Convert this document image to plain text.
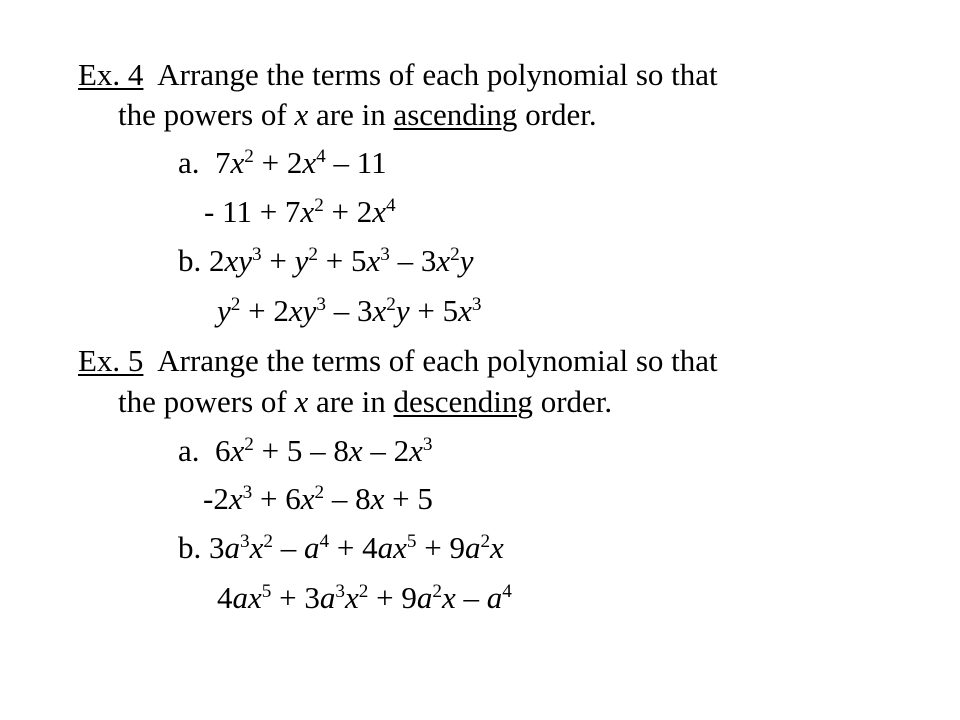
Ex. 4 Arrange the terms of each polynomial so that
the powers of x are in ascending order.
a.  $7x^2 + 2x^4 - 11$
- $11 + 7x^2 + 2x^4$
b. $2xy^3 + y^2 + 5x^3 - 3x^2y$
$y^2 + 2xy^3 - 3x^2y + 5x^3$
Ex. 5 Arrange the terms of each polynomial so that
the powers of x are in descending order.
a.  $6x^2 + 5 - 8x - 2x^3$
$-2x^3 + 6x^2 - 8x + 5$
b. $3a^3x^2 - a^4 + 4ax^5 + 9a^2x$
$4ax^5 + 3a^3x^2 + 9a^2x - a^4$
